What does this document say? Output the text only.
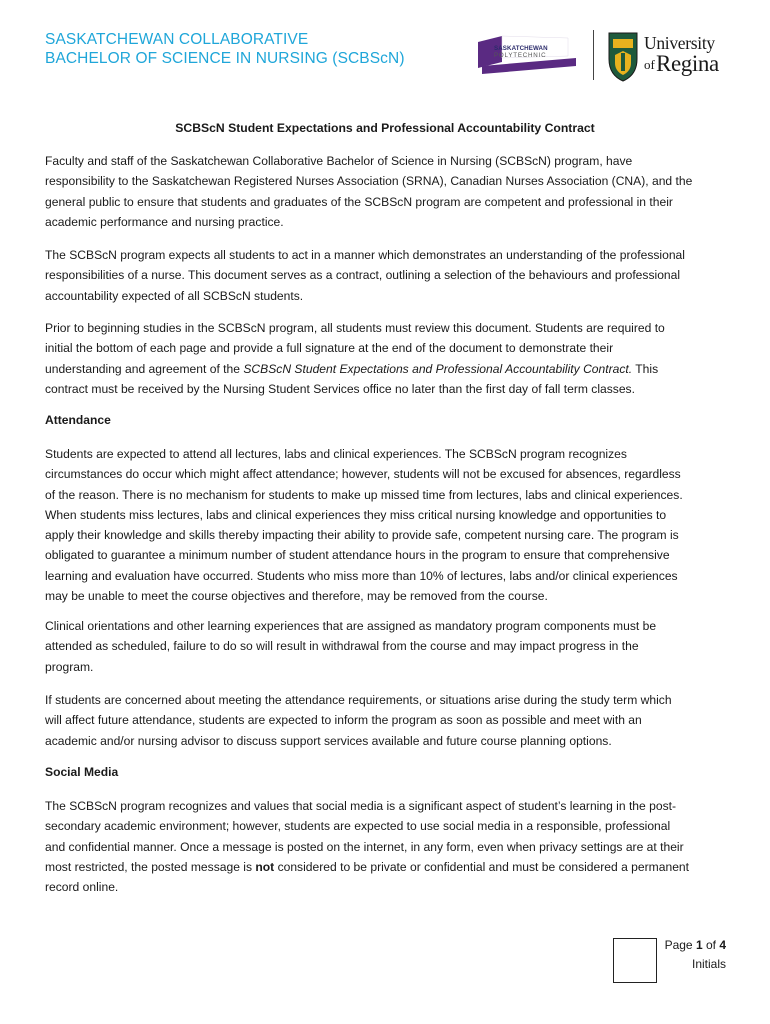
SASKATCHEWAN COLLABORATIVE
BACHELOR OF SCIENCE IN NURSING (SCBScN)
SASKATCHEWAN
POLYTECHNIC
University
of Regina
SCBScN Student Expectations and Professional Accountability Contract
Faculty and staff of the Saskatchewan Collaborative Bachelor of Science in Nursing (SCBScN) program, have
responsibility to the Saskatchewan Registered Nurses Association (SRNA), Canadian Nurses Association (CNA), and the
general public to ensure that students and graduates of the SCBScN program are competent and professional in their
academic performance and nursing practice.
The SCBScN program expects all students to act in a manner which demonstrates an understanding of the professional
responsibilities of a nurse. This document serves as a contract, outlining a selection of the behaviours and professional
accountability expected of all SCBScN students.
Prior to beginning studies in the SCBScN program, all students must review this document. Students are required to
initial the bottom of each page and provide a full signature at the end of the document to demonstrate their
understanding and agreement of the SCBScN Student Expectations and Professional Accountability Contract. This
contract must be received by the Nursing Student Services office no later than the first day of fall term classes.
Attendance
Students are expected to attend all lectures, labs and clinical experiences. The SCBScN program recognizes
circumstances do occur which might affect attendance; however, students will not be excused for absences, regardless
of the reason. There is no mechanism for students to make up missed time from lectures, labs and clinical experiences.
When students miss lectures, labs and clinical experiences they miss critical nursing knowledge and opportunities to
apply their knowledge and skills thereby impacting their ability to provide safe, competent nursing care. The program is
obligated to guarantee a minimum number of student attendance hours in the program to ensure that comprehensive
learning and evaluation have occurred. Students who miss more than 10% of lectures, labs and/or clinical experiences
may be unable to meet the course objectives and therefore, may be removed from the course.
Clinical orientations and other learning experiences that are assigned as mandatory program components must be
attended as scheduled, failure to do so will result in withdrawal from the course and may impact progress in the
program.
If students are concerned about meeting the attendance requirements, or situations arise during the study term which
will affect future attendance, students are expected to inform the program as soon as possible and meet with an
academic and/or nursing advisor to discuss support services available and future course planning options.
Social Media
The SCBScN program recognizes and values that social media is a significant aspect of student’s learning in the post-
secondary academic environment; however, students are expected to use social media in a responsible, professional
and confidential manner. Once a message is posted on the internet, in any form, even when privacy settings are at their
most restricted, the posted message is not considered to be private or confidential and must be considered a permanent
record online.
Page 1 of 4
Initials
